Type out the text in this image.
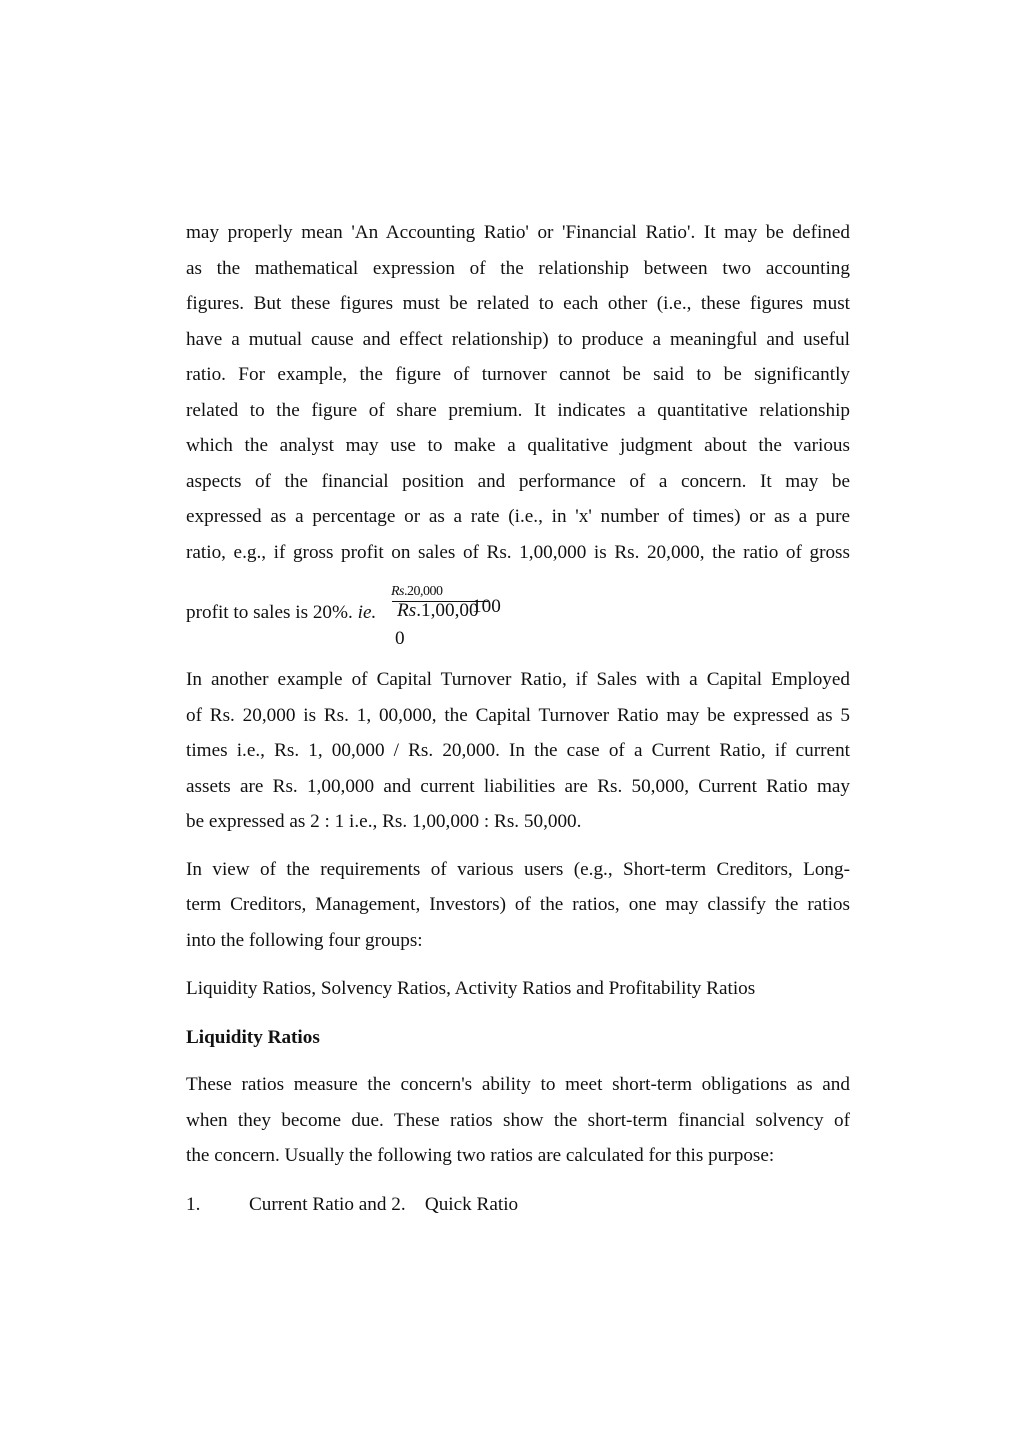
may properly mean 'An Accounting Ratio' or 'Financial Ratio'. It may be defined
as the mathematical expression of the relationship between two accounting
figures. But these figures must be related to each other (i.e., these figures must
have a mutual cause and effect relationship) to produce a meaningful and useful
ratio. For example, the figure of turnover cannot be said to be significantly
related to the figure of share premium. It indicates a quantitative relationship
which the analyst may use to make a qualitative judgment about the various
aspects of the financial position and performance of a concern. It may be
expressed as a percentage or as a rate (i.e., in 'x' number of times) or as a pure
ratio, e.g., if gross profit on sales of Rs. 1,00,000 is Rs. 20,000, the ratio of gross
profit to sales is 20%. ie.
Rs.20,000
Rs.1,00,00
100
0
In another example of Capital Turnover Ratio, if Sales with a Capital Employed
of Rs. 20,000 is Rs. 1, 00,000, the Capital Turnover Ratio may be expressed as 5
times i.e., Rs. 1, 00,000 / Rs. 20,000. In the case of a Current Ratio, if current
assets are Rs. 1,00,000 and current liabilities are Rs. 50,000, Current Ratio may
be expressed as 2 : 1 i.e., Rs. 1,00,000 : Rs. 50,000.
In view of the requirements of various users (e.g., Short-term Creditors, Long-
term Creditors, Management, Investors) of the ratios, one may classify the ratios
into the following four groups:

Liquidity Ratios, Solvency Ratios, Activity Ratios and Profitability Ratios

Liquidity Ratios

These ratios measure the concern's ability to meet short-term obligations as and
when they become due. These ratios show the short-term financial solvency of
the concern. Usually the following two ratios are calculated for this purpose:
1.	Current Ratio and 2.    Quick Ratio
